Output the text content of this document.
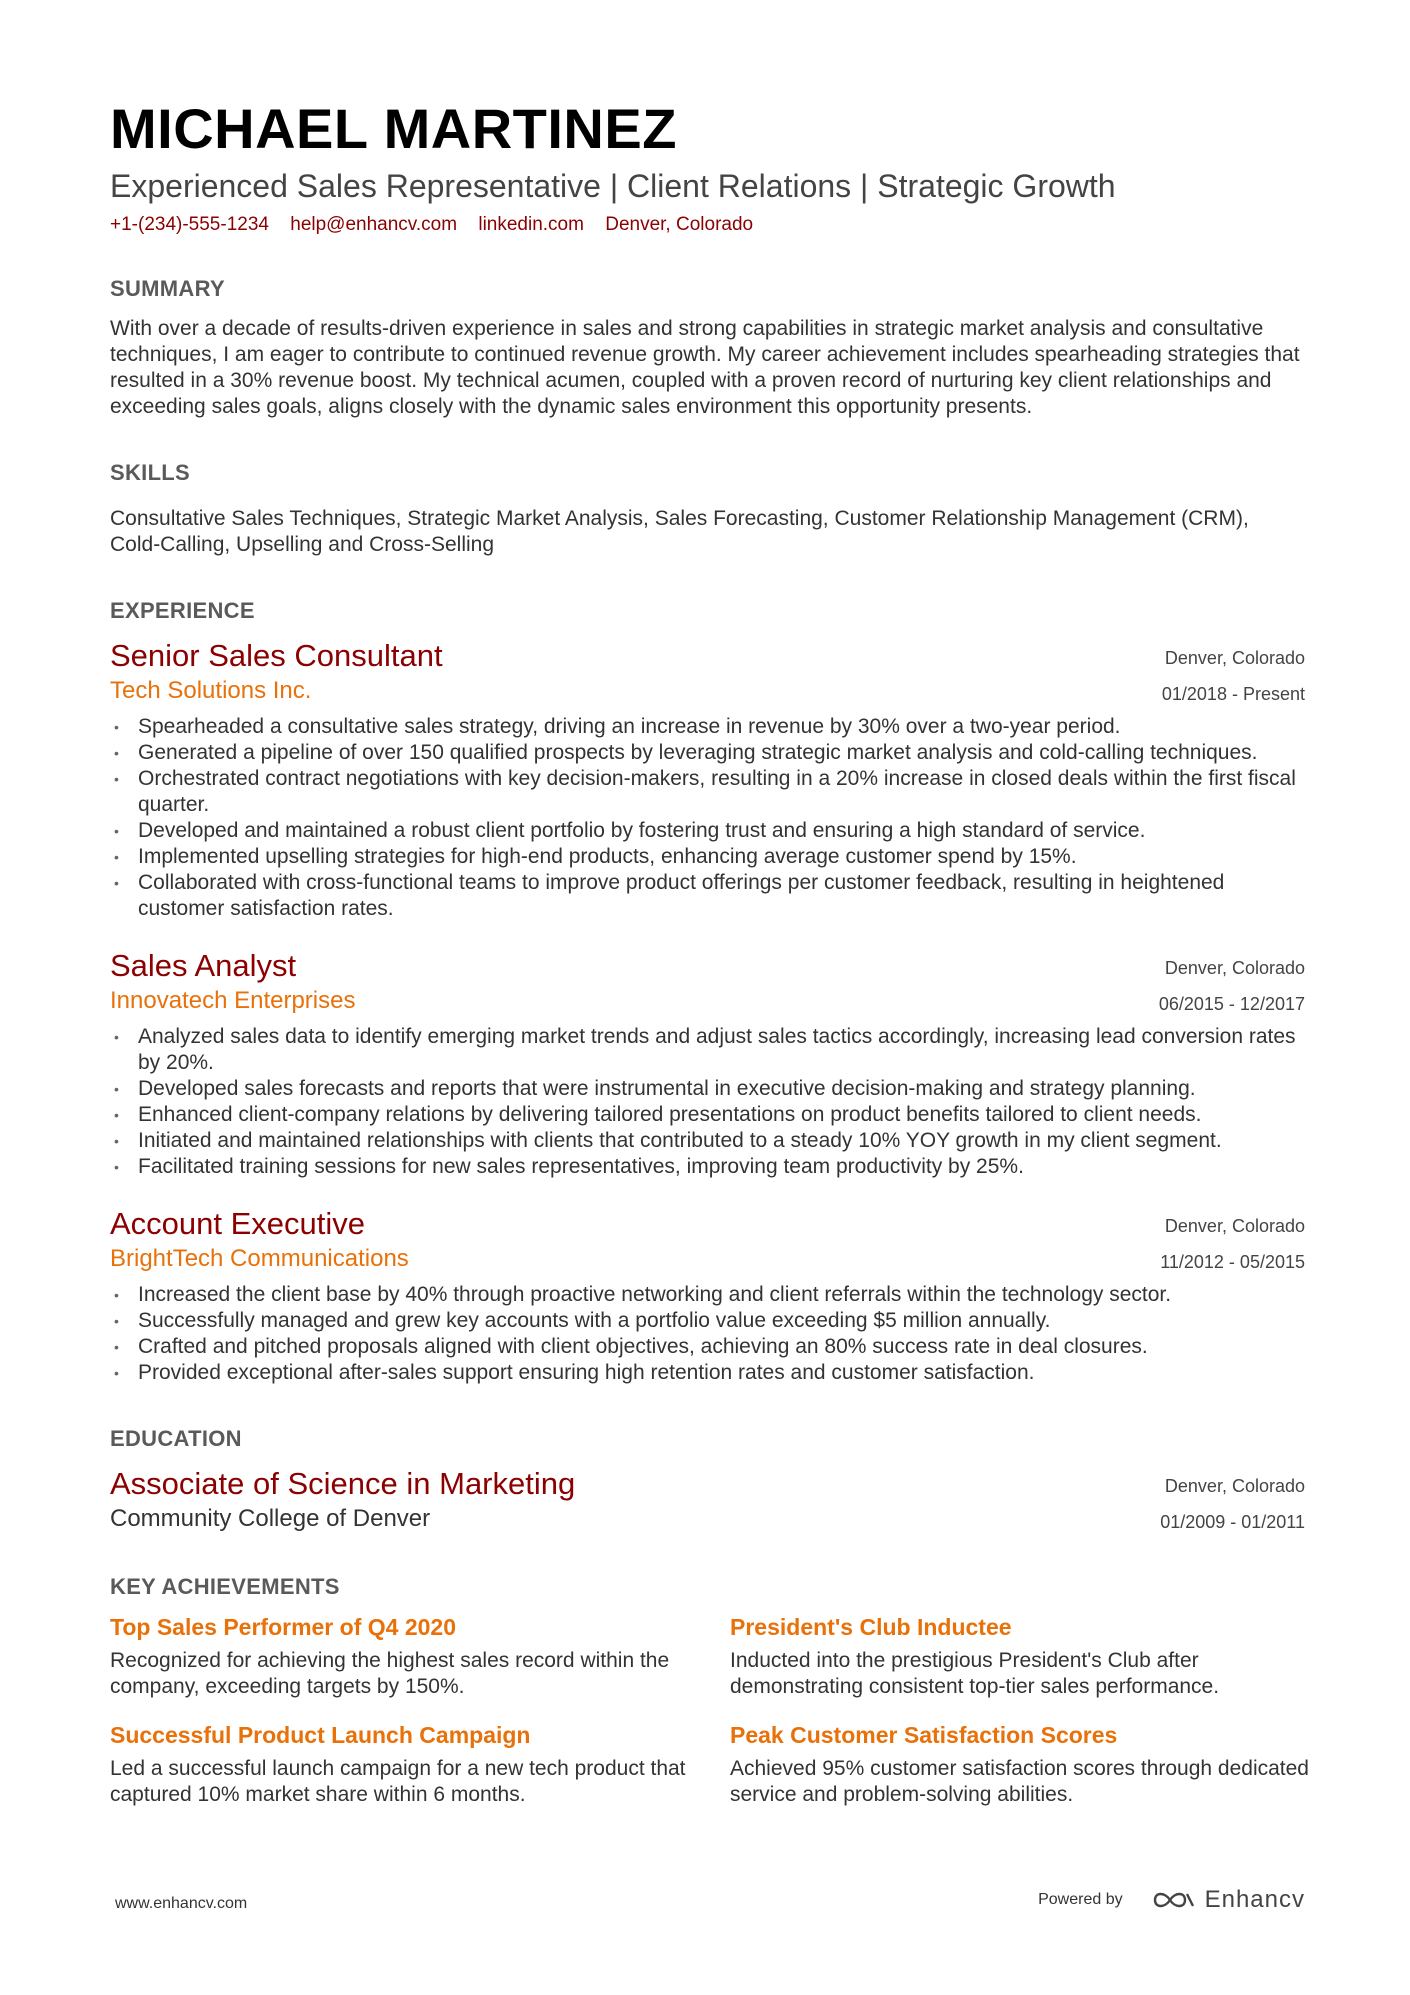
MICHAEL MARTINEZ
Experienced Sales Representative | Client Relations | Strategic Growth
+1-(234)-555-1234 help@enhancv.com linkedin.com Denver, Colorado
SUMMARY
With over a decade of results-driven experience in sales and strong capabilities in strategic market analysis and consultative techniques, I am eager to contribute to continued revenue growth. My career achievement includes spearheading strategies that resulted in a 30% revenue boost. My technical acumen, coupled with a proven record of nurturing key client relationships and exceeding sales goals, aligns closely with the dynamic sales environment this opportunity presents.
SKILLS
Consultative Sales Techniques, Strategic Market Analysis, Sales Forecasting, Customer Relationship Management (CRM), Cold-Calling, Upselling and Cross-Selling
EXPERIENCE
Senior Sales Consultant
Tech Solutions Inc.
Denver, Colorado
01/2018 - Present
• Spearheaded a consultative sales strategy, driving an increase in revenue by 30% over a two-year period.
• Generated a pipeline of over 150 qualified prospects by leveraging strategic market analysis and cold-calling techniques.
• Orchestrated contract negotiations with key decision-makers, resulting in a 20% increase in closed deals within the first fiscal quarter.
• Developed and maintained a robust client portfolio by fostering trust and ensuring a high standard of service.
• Implemented upselling strategies for high-end products, enhancing average customer spend by 15%.
• Collaborated with cross-functional teams to improve product offerings per customer feedback, resulting in heightened customer satisfaction rates.
Sales Analyst
Innovatech Enterprises
Denver, Colorado
06/2015 - 12/2017
• Analyzed sales data to identify emerging market trends and adjust sales tactics accordingly, increasing lead conversion rates by 20%.
• Developed sales forecasts and reports that were instrumental in executive decision-making and strategy planning.
• Enhanced client-company relations by delivering tailored presentations on product benefits tailored to client needs.
• Initiated and maintained relationships with clients that contributed to a steady 10% YOY growth in my client segment.
• Facilitated training sessions for new sales representatives, improving team productivity by 25%.
Account Executive
BrightTech Communications
Denver, Colorado
11/2012 - 05/2015
• Increased the client base by 40% through proactive networking and client referrals within the technology sector.
• Successfully managed and grew key accounts with a portfolio value exceeding $5 million annually.
• Crafted and pitched proposals aligned with client objectives, achieving an 80% success rate in deal closures.
• Provided exceptional after-sales support ensuring high retention rates and customer satisfaction.
EDUCATION
Associate of Science in Marketing
Community College of Denver
Denver, Colorado
01/2009 - 01/2011
KEY ACHIEVEMENTS
Top Sales Performer of Q4 2020
Recognized for achieving the highest sales record within the company, exceeding targets by 150%.
President's Club Inductee
Inducted into the prestigious President's Club after demonstrating consistent top-tier sales performance.
Successful Product Launch Campaign
Led a successful launch campaign for a new tech product that captured 10% market share within 6 months.
Peak Customer Satisfaction Scores
Achieved 95% customer satisfaction scores through dedicated service and problem-solving abilities.
www.enhancv.com	Powered by	Enhancv
